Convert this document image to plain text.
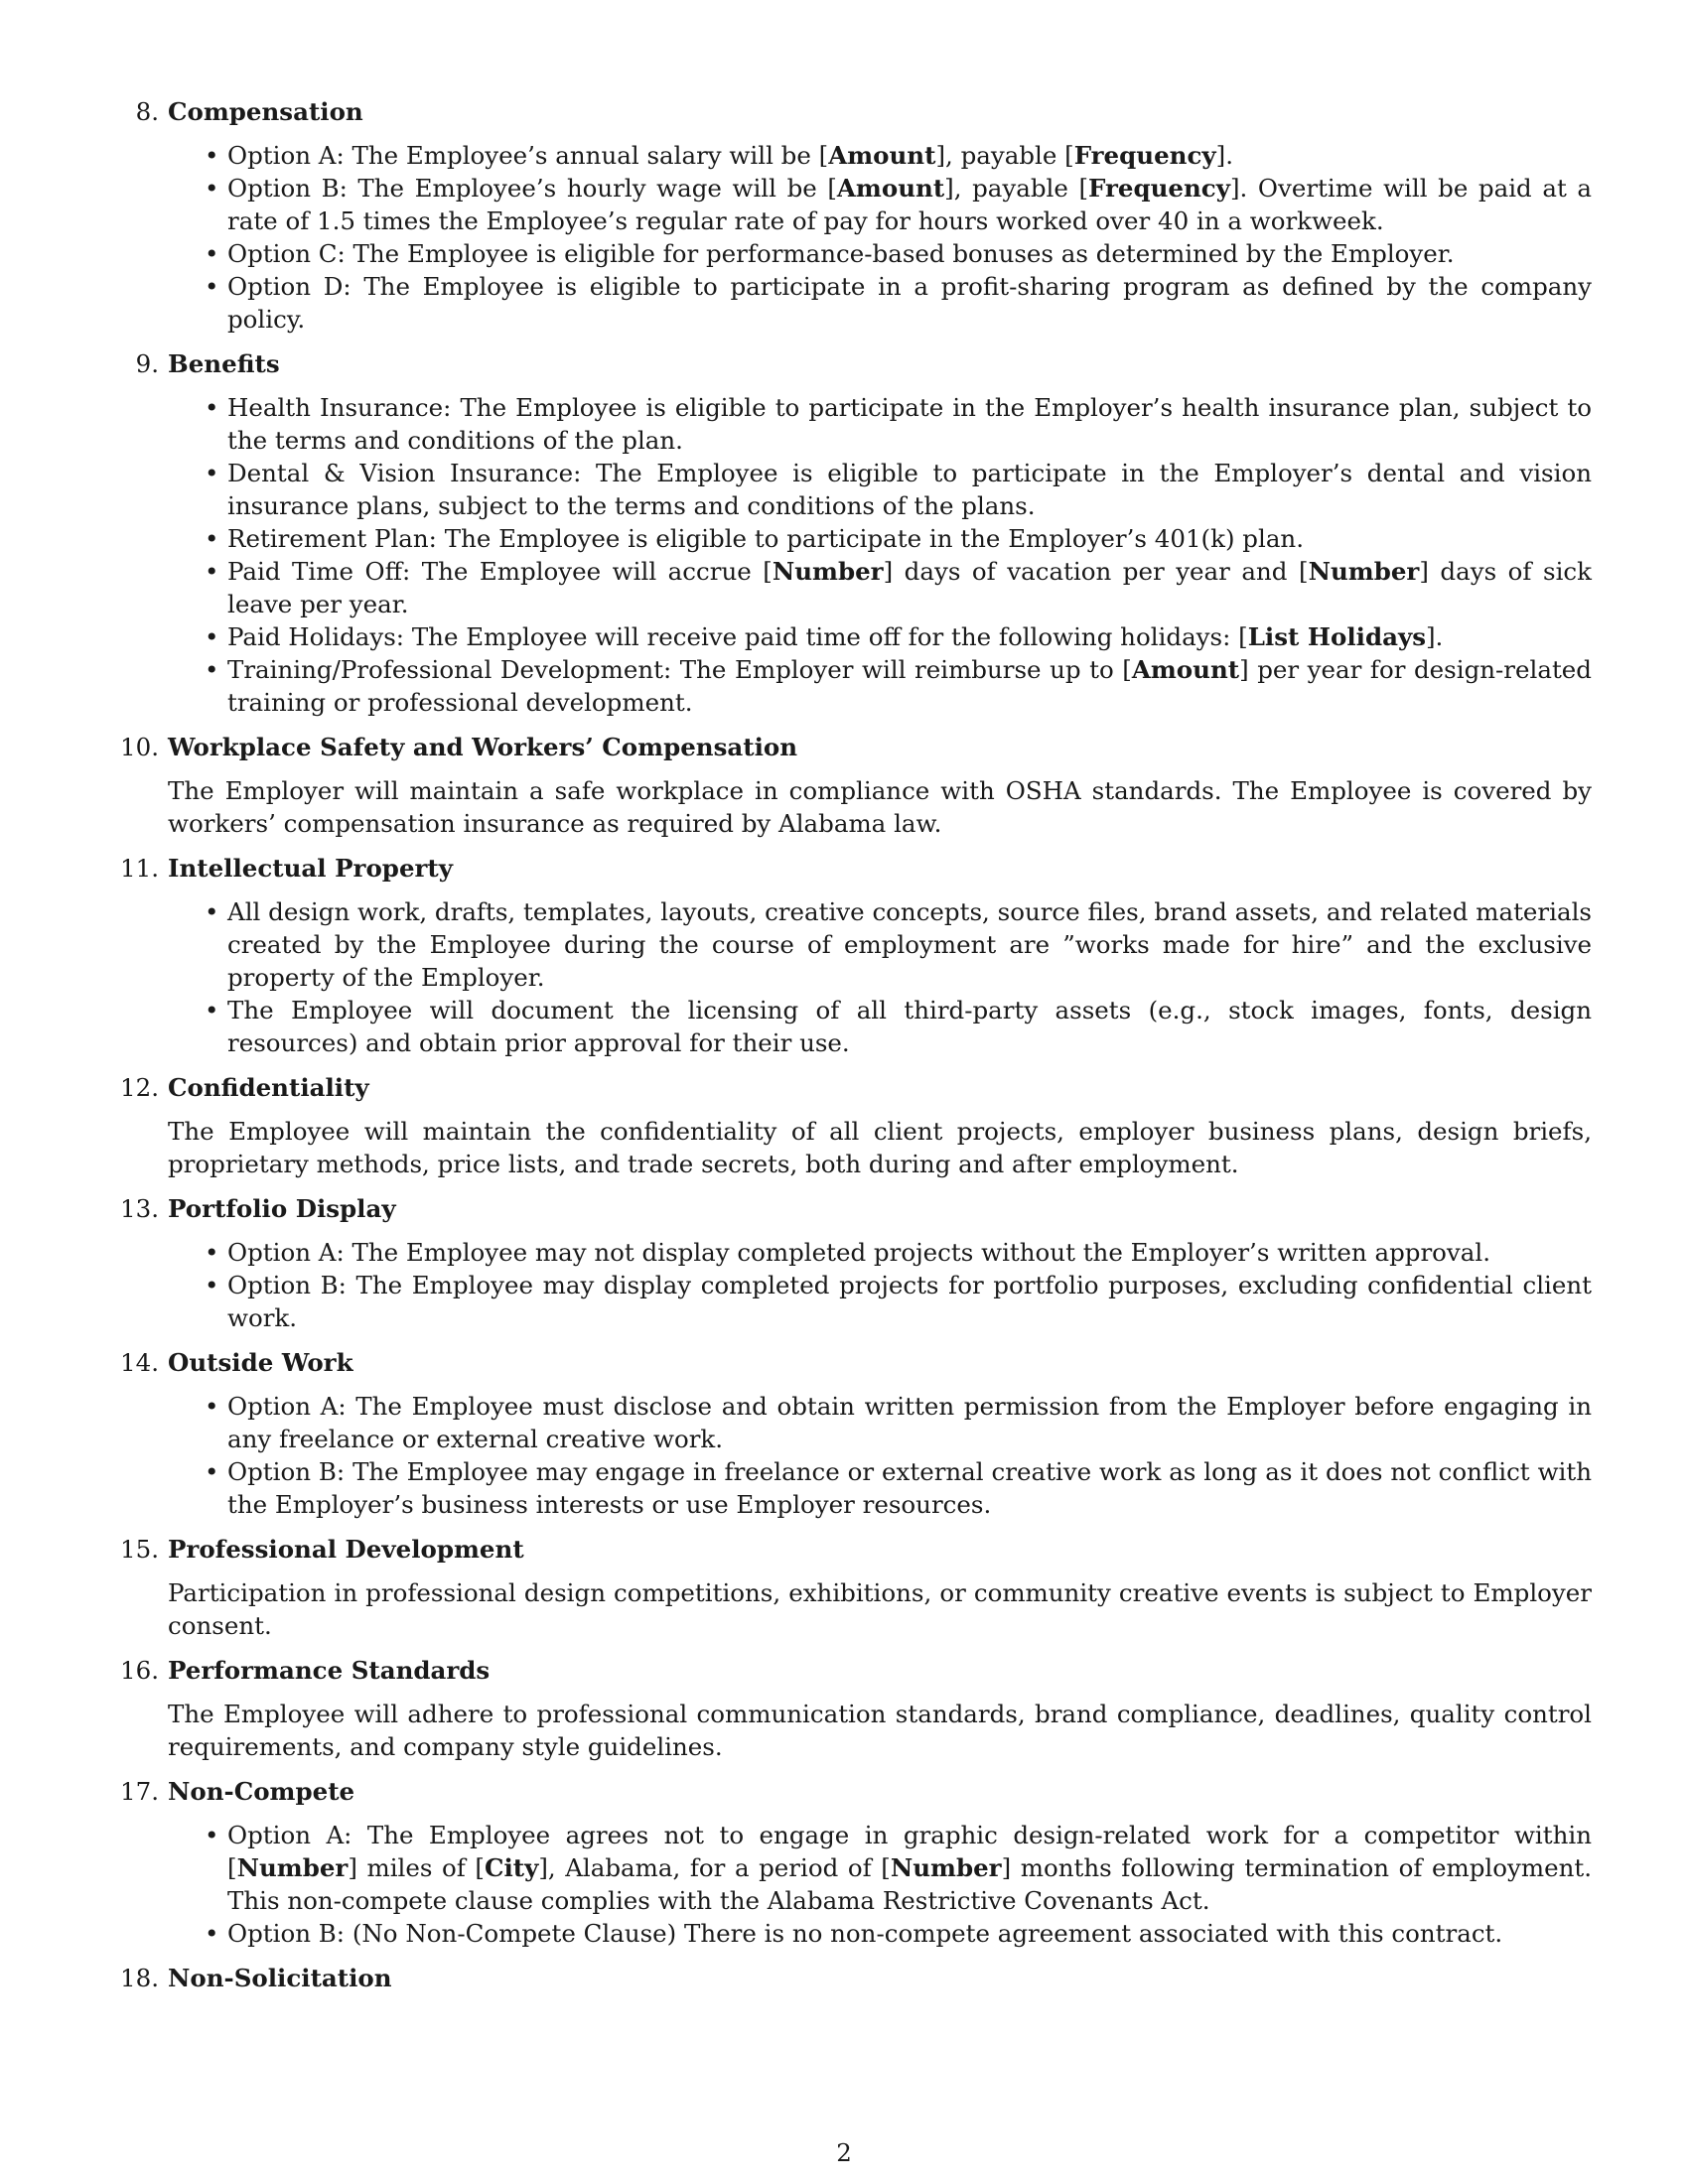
8. Compensation
• Option A: The Employee’s annual salary will be [Amount], payable [Frequency].
• Option B: The Employee’s hourly wage will be [Amount], payable [Frequency]. Overtime will be paid at a rate of 1.5 times the Employee’s regular rate of pay for hours worked over 40 in a workweek.
• Option C: The Employee is eligible for performance-based bonuses as determined by the Employer.
• Option D: The Employee is eligible to participate in a profit-sharing program as defined by the company policy.
9. Benefits
• Health Insurance: The Employee is eligible to participate in the Employer’s health insurance plan, subject to the terms and conditions of the plan.
• Dental & Vision Insurance: The Employee is eligible to participate in the Employer’s dental and vision insurance plans, subject to the terms and conditions of the plans.
• Retirement Plan: The Employee is eligible to participate in the Employer’s 401(k) plan.
• Paid Time Off: The Employee will accrue [Number] days of vacation per year and [Number] days of sick leave per year.
• Paid Holidays: The Employee will receive paid time off for the following holidays: [List Holidays].
• Training/Professional Development: The Employer will reimburse up to [Amount] per year for design-related training or professional development.
10. Workplace Safety and Workers’ Compensation
The Employer will maintain a safe workplace in compliance with OSHA standards. The Employee is covered by workers’ compensation insurance as required by Alabama law.
11. Intellectual Property
• All design work, drafts, templates, layouts, creative concepts, source files, brand assets, and related materials created by the Employee during the course of employment are ”works made for hire” and the exclusive property of the Employer.
• The Employee will document the licensing of all third-party assets (e.g., stock images, fonts, design resources) and obtain prior approval for their use.
12. Confidentiality
The Employee will maintain the confidentiality of all client projects, employer business plans, design briefs, proprietary methods, price lists, and trade secrets, both during and after employment.
13. Portfolio Display
• Option A: The Employee may not display completed projects without the Employer’s written approval.
• Option B: The Employee may display completed projects for portfolio purposes, excluding confidential client work.
14. Outside Work
• Option A: The Employee must disclose and obtain written permission from the Employer before engaging in any freelance or external creative work.
• Option B: The Employee may engage in freelance or external creative work as long as it does not conflict with the Employer’s business interests or use Employer resources.
15. Professional Development
Participation in professional design competitions, exhibitions, or community creative events is subject to Employer consent.
16. Performance Standards
The Employee will adhere to professional communication standards, brand compliance, deadlines, quality control requirements, and company style guidelines.
17. Non-Compete
• Option A: The Employee agrees not to engage in graphic design-related work for a competitor within [Number] miles of [City], Alabama, for a period of [Number] months following termination of employment. This non-compete clause complies with the Alabama Restrictive Covenants Act.
• Option B: (No Non-Compete Clause) There is no non-compete agreement associated with this contract.
18. Non-Solicitation
2
